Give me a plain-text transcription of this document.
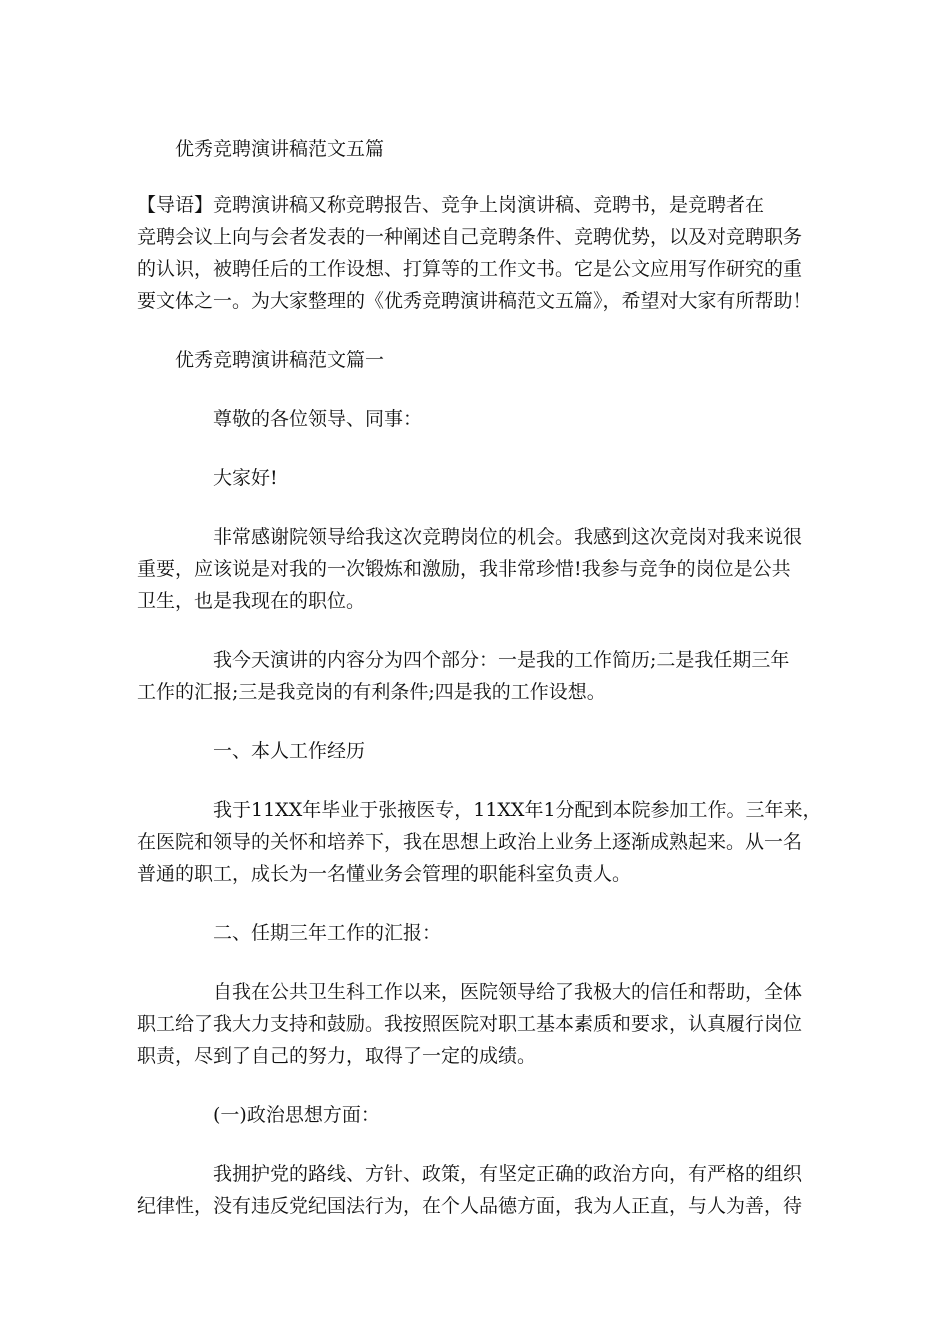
优秀竞聘演讲稿范文五篇

【导语】竞聘演讲稿又称竞聘报告、竞争上岗演讲稿、竞聘书，是竞聘者在

竞聘会议上向与会者发表的一种阐述自己竞聘条件、竞聘优势，以及对竞聘职务

的认识，被聘任后的工作设想、打算等的工作文书。它是公文应用写作研究的重

要文体之一。为大家整理的《优秀竞聘演讲稿范文五篇》，希望对大家有所帮助！

优秀竞聘演讲稿范文篇一

尊敬的各位领导、同事：

大家好!

非常感谢院领导给我这次竞聘岗位的机会。我感到这次竞岗对我来说很

重要，应该说是对我的一次锻炼和激励，我非常珍惜!我参与竞争的岗位是公共

卫生，也是我现在的职位。

我今天演讲的内容分为四个部分：一是我的工作简历;二是我任期三年

工作的汇报;三是我竞岗的有利条件;四是我的工作设想。

一、本人工作经历

我于11XX年毕业于张掖医专，11XX年1分配到本院参加工作。三年来，

在医院和领导的关怀和培养下，我在思想上政治上业务上逐渐成熟起来。从一名

普通的职工，成长为一名懂业务会管理的职能科室负责人。

二、任期三年工作的汇报：

自我在公共卫生科工作以来，医院领导给了我极大的信任和帮助，全体

职工给了我大力支持和鼓励。我按照医院对职工基本素质和要求，认真履行岗位

职责，尽到了自己的努力，取得了一定的成绩。

(一)政治思想方面：

我拥护党的路线、方针、政策，有坚定正确的政治方向，有严格的组织

纪律性，没有违反党纪国法行为，在个人品德方面，我为人正直，与人为善，待
